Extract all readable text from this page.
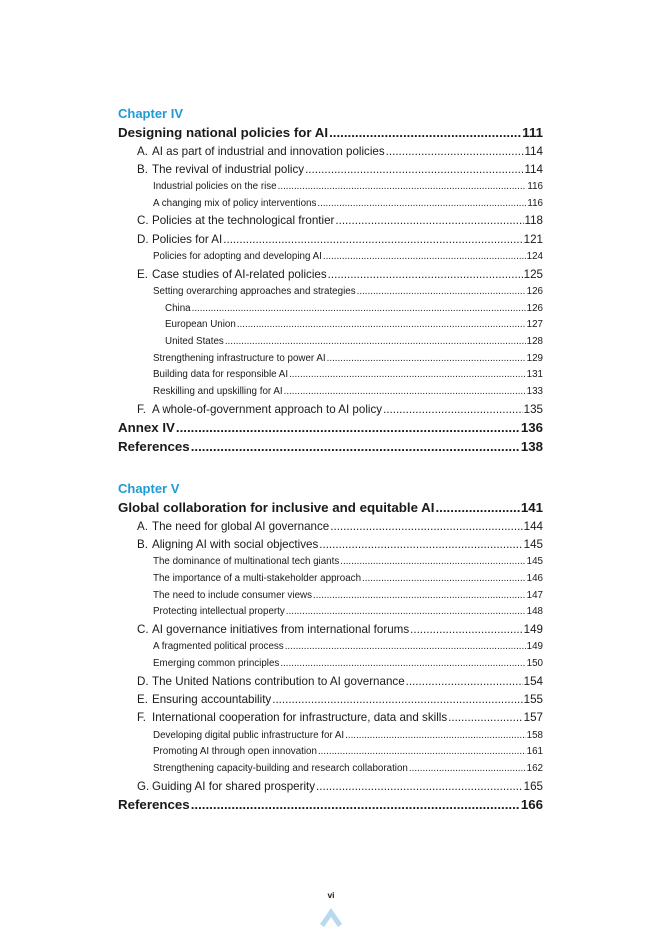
Chapter IV
Designing national policies for AI .....	111
A. AI as part of industrial and innovation policies .....	114
B. The revival of industrial policy .....	114
Industrial policies on the rise .....	116
A changing mix of policy interventions .....	116
C. Policies at the technological frontier .....	118
D. Policies for AI .....	121
Policies for adopting and developing AI .....	124
E. Case studies of AI-related policies .....	125
Setting overarching approaches and strategies .....	126
China .....	126
European Union .....	127
United States .....	128
Strengthening infrastructure to power AI .....	129
Building data for responsible AI .....	131
Reskilling and upskilling for AI .....	133
F. A whole-of-government approach to AI policy .....	135
Annex IV .....	136
References .....	138
Chapter V
Global collaboration for inclusive and equitable AI .....	141
A. The need for global AI governance .....	144
B. Aligning AI with social objectives .....	145
The dominance of multinational tech giants .....	145
The importance of a multi-stakeholder approach .....	146
The need to include consumer views .....	147
Protecting intellectual property .....	148
C. AI governance initiatives from international forums .....	149
A fragmented political process .....	149
Emerging common principles .....	150
D. The United Nations contribution to AI governance .....	154
E. Ensuring accountability .....	155
F. International cooperation for infrastructure, data and skills .....	157
Developing digital public infrastructure for AI .....	158
Promoting AI through open innovation .....	161
Strengthening capacity-building and research collaboration .....	162
G. Guiding AI for shared prosperity .....	165
References .....	166
vi
